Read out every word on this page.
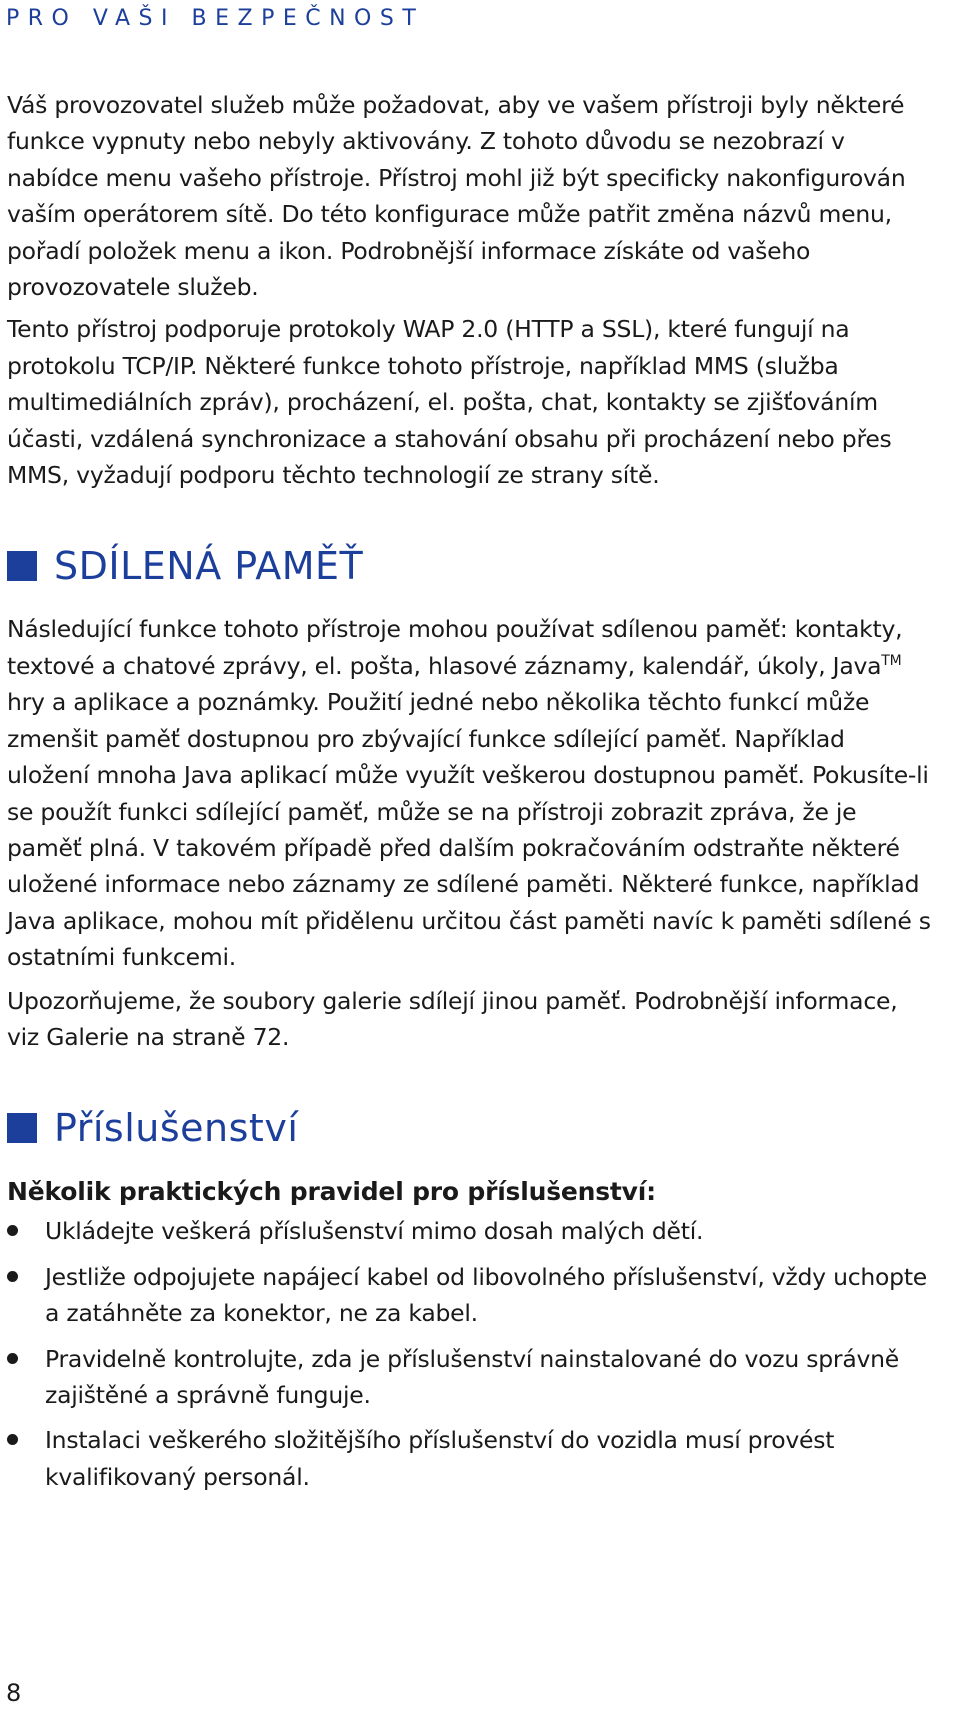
PRO VAŠI BEZPEČNOST

Váš provozovatel služeb může požadovat, aby ve vašem přístroji byly některé funkce vypnuty nebo nebyly aktivovány. Z tohoto důvodu se nezobrazí v nabídce menu vašeho přístroje. Přístroj mohl již být specificky nakonfigurován vaším operátorem sítě. Do této konfigurace může patřit změna názvů menu, pořadí položek menu a ikon. Podrobnější informace získáte od vašeho provozovatele služeb.

Tento přístroj podporuje protokoly WAP 2.0 (HTTP a SSL), které fungují na protokolu TCP/IP. Některé funkce tohoto přístroje, například MMS (služba multimediálních zpráv), procházení, el. pošta, chat, kontakty se zjišťováním účasti, vzdálená synchronizace a stahování obsahu při procházení nebo přes MMS, vyžadují podporu těchto technologií ze strany sítě.

SDÍLENÁ PAMĚŤ

Následující funkce tohoto přístroje mohou používat sdílenou paměť: kontakty, textové a chatové zprávy, el. pošta, hlasové záznamy, kalendář, úkoly, Java™ hry a aplikace a poznámky. Použití jedné nebo několika těchto funkcí může zmenšit paměť dostupnou pro zbývající funkce sdílející paměť. Například uložení mnoha Java aplikací může využít veškerou dostupnou paměť. Pokusíte-li se použít funkci sdílející paměť, může se na přístroji zobrazit zpráva, že je paměť plná. V takovém případě před dalším pokračováním odstraňte některé uložené informace nebo záznamy ze sdílené paměti. Některé funkce, například Java aplikace, mohou mít přidělenu určitou část paměti navíc k paměti sdílené s ostatními funkcemi.

Upozorňujeme, že soubory galerie sdílejí jinou paměť. Podrobnější informace, viz Galerie na straně 72.

Příslušenství
Několik praktických pravidel pro příslušenství:

Ukládejte veškerá příslušenství mimo dosah malých dětí.

Jestliže odpojujete napájecí kabel od libovolného příslušenství, vždy uchopte a zatáhněte za konektor, ne za kabel.

Pravidelně kontrolujte, zda je příslušenství nainstalované do vozu správně zajištěné a správně funguje.

Instalaci veškerého složitějšího příslušenství do vozidla musí provést kvalifikovaný personál.

8
